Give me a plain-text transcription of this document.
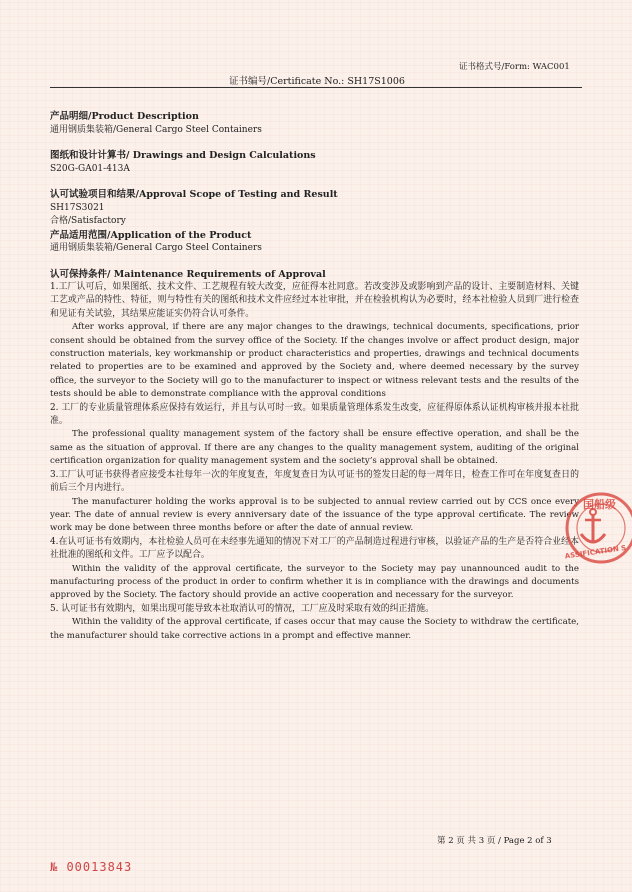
证书格式号/Form: WAC001
证书编号/Certificate No.: SH17S1006
产品明细/Product Description
通用钢质集装箱/General Cargo Steel Containers
图纸和设计计算书/ Drawings and Design Calculations
S20G-GA01-413A
认可试验项目和结果/Approval Scope of Testing and Result
SH17S3021
合格/Satisfactory
产品适用范围/Application of the Product
通用钢质集装箱/General Cargo Steel Containers
认可保持条件/ Maintenance Requirements of Approval
1.工厂认可后，如果图纸、技术文件、工艺规程有较大改变，应征得本社同意。若改变涉及或影响到产品的设计、主要制造材料、关键工艺或产品的特性、特征，则与特性有关的图纸和技术文件应经过本社审批，并在检验机构认为必要时，经本社检验人员到厂进行检查和见证有关试验，其结果应能证实仍符合认可条件。
After works approval, if there are any major changes to the drawings, technical documents, specifications, prior consent should be obtained from the survey office of the Society. If the changes involve or affect product design, major construction materials, key workmanship or product characteristics and properties, drawings and technical documents related to properties are to be examined and approved by the Society and, where deemed necessary by the survey office, the surveyor to the Society will go to the manufacturer to inspect or witness relevant tests and the results of the tests should be able to demonstrate compliance with the approval conditions
2. 工厂的专业质量管理体系应保持有效运行，并且与认可时一致。如果质量管理体系发生改变，应征得原体系认证机构审核并报本社批准。
The professional quality management system of the factory shall be ensure effective operation, and shall be the same as the situation of approval. If there are any changes to the quality management system, auditing of the original certification organization for quality management system and the society’s approval shall be obtained.
3.工厂认可证书获得者应接受本社每年一次的年度复查，年度复查日为认可证书的签发日起的每一周年日，检查工作可在年度复查日的前后三个月内进行。
The manufacturer holding the works approval is to be subjected to annual review carried out by CCS once every year. The date of annual review is every anniversary date of the issuance of the type approval certificate. The review work may be done between three months before or after the date of annual review.
4.在认可证书有效期内，本社检验人员可在未经事先通知的情况下对工厂的产品制造过程进行审核，以验证产品的生产是否符合业经本社批准的图纸和文件。工厂应予以配合。
Within the validity of the approval certificate, the surveyor to the Society may pay unannounced audit to the manufacturing process of the product in order to confirm whether it is in compliance with the drawings and documents approved by the Society. The factory should provide an active cooperation and necessary for the surveyor.
5. 认可证书有效期内，如果出现可能导致本社取消认可的情况，工厂应及时采取有效的纠正措施。
Within the validity of the approval certificate, if cases occur that may cause the Society to withdraw the certificate, the manufacturer should take corrective actions in a prompt and effective manner.
国船级
ASSIFICATION S
第 2 页 共 3 页 / Page 2 of 3
№ 00013843
